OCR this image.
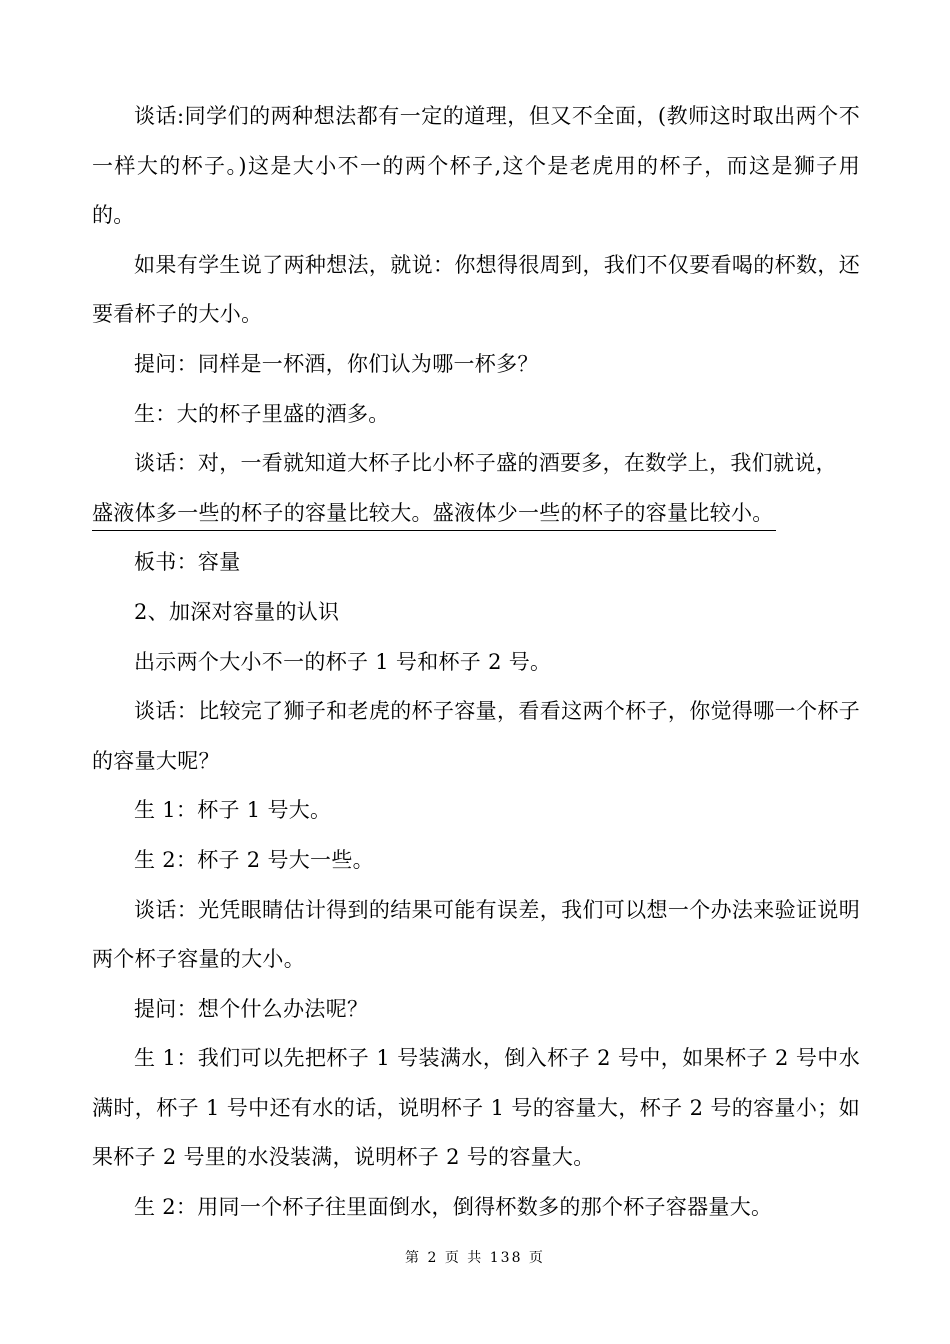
谈话:同学们的两种想法都有一定的道理，但又不全面，(教师这时取出两个不一样大的杯子。)这是大小不一的两个杯子,这个是老虎用的杯子，而这是狮子用的。

如果有学生说了两种想法，就说：你想得很周到，我们不仅要看喝的杯数，还要看杯子的大小。

提问：同样是一杯酒，你们认为哪一杯多？

生：大的杯子里盛的酒多。

谈话：对，一看就知道大杯子比小杯子盛的酒要多，在数学上，我们就说，

盛液体多一些的杯子的容量比较大。盛液体少一些的杯子的容量比较小。

板书：容量

2、加深对容量的认识

出示两个大小不一的杯子 1 号和杯子 2 号。

谈话：比较完了狮子和老虎的杯子容量，看看这两个杯子，你觉得哪一个杯子的容量大呢？

生 1：杯子 1 号大。

生 2：杯子 2 号大一些。

谈话：光凭眼睛估计得到的结果可能有误差，我们可以想一个办法来验证说明两个杯子容量的大小。

提问：想个什么办法呢？

生 1：我们可以先把杯子 1 号装满水，倒入杯子 2 号中，如果杯子 2 号中水满时，杯子 1 号中还有水的话，说明杯子 1 号的容量大，杯子 2 号的容量小；如果杯子 2 号里的水没装满，说明杯子 2 号的容量大。

生 2：用同一个杯子往里面倒水，倒得杯数多的那个杯子容器量大。

第 2 页 共 138 页
